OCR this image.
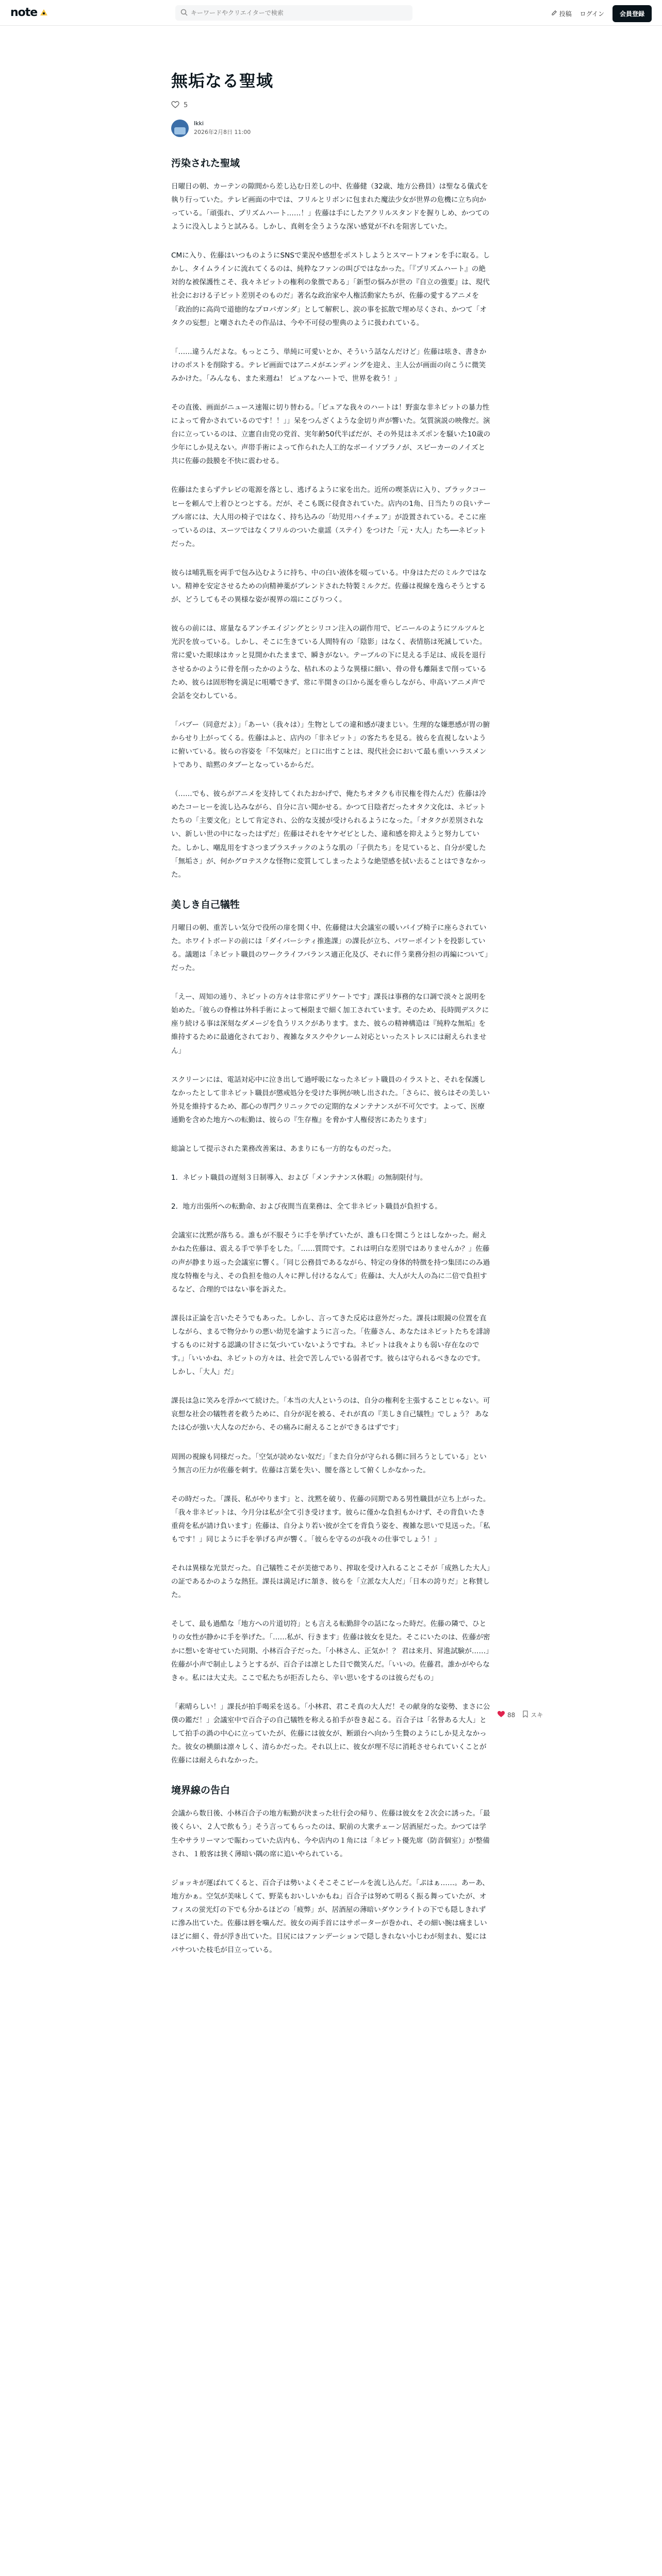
note
キーワードやクリエイターで検索	投稿 ログイン	会員登録
無垢なる聖域
5
Ikki
2026年2月8日 11:00
汚染された聖域

日曜日の朝、カーテンの隙間から差し込む日差しの中、佐藤健（32歳、地方公務員）は聖なる儀式を執り行っていた。テレビ画面の中では、フリルとリボンに包まれた魔法少女が世界の危機に立ち向かっている。「頑張れ、プリズムハート……！」佐藤は手にしたアクリルスタンドを握りしめ、かつてのように没入しようと試みる。しかし、真剣を全うような深い感覚が不れを阻害していた。

CMに入り、佐藤はいつものようにSNSで業況や感想をポストしようとスマートフォンを手に取る。しかし、タイムラインに流れてくるのは、純粋なファンの叫びではなかった。「『プリズムハート』の絶対的な被保護性こそ、我々ネピットの権利の象徴である」「新型の悩みが世の『自立の強要』は、現代社会における子ピット差別そのものだ」著名な政治家や人権活動家たちが、佐藤の愛するアニメを「政治的に高尚で道徳的なプロパガンダ」として解釈し、涙の事を拡散で埋め尽くされ、かつて「オタクの妄想」と嘲されたその作品は、今や不可侵の聖典のように扱われている。

「……違うんだよな。もっとこう、単純に可愛いとか、そういう話なんだけど」佐藤は呟き、書きかけのポストを削除する。テレビ画面ではアニメがエンディングを迎え、主人公が画面の向こうに微笑みかけた。「みんなも、また来週ね！ ピュアなハートで、世界を救う！」

その直後、画面がニュース速報に切り替わる。「ピュアな我々のハートは！野蛮な非ネピットの暴力性によって脅かされているのです！！」」呆をつんざくような金切り声が響いた。気質演説の映像だ。演台に立っているのは、立憲自由党の党首、実年齢50代半ばだが、その外見はネズポンを騒いた10歳の少年にしか見えない。声帯手術によって作られた人工的なボーイソプラノが、スピーカーのノイズと共に佐藤の鼓膜を不快に震わせる。

佐藤はたまらずテレビの電源を落とし、逃げるように家を出た。近所の喫茶店に入り、ブラックコーヒーを頼んで上着ひとつとする。だが、そこも既に侵食されていた。店内の1角、日当たりの良いテーブル席には、大人用の椅子ではなく、持ち込みの「幼児用ハイチェア」が設置されている。そこに座っているのは、スーツではなくフリルのついた童謡（ステイ）をつけた「元・大人」たち──ネピットだった。

彼らは哺乳瓶を両手で包み込むように持ち、中の白い液体を啜っている。中身はただのミルクではない。精神を安定させるための向精神薬がブレンドされた特製ミルクだ。佐藤は視線を逸らそうとするが、どうしてもその異様な姿が視界の端にこびりつく。

彼らの前には、席量なるアンチエイジングとシリコン注入の副作用で、ビニールのようにツルツルと光沢を放っている。しかし、そこに生きている人間特有の「陰影」はなく、表情筋は死滅していた。常に愛いた眼球はカッと見開かれたままで、瞬きがない。テーブルの下に見える手足は、成長を退行させるかのように骨を削ったかのような、枯れ木のような異様に細い、骨の骨も離隔まで削っているため、彼らは固形物を満足に咀嚼できず、常に半開きの口から涎を垂らしながら、申高いアニメ声で会話を交わしている。

「バブー（同意だよ）」「あーい（我々は）」生物としての違和感が凄まじい。生理的な嫌悪感が胃の腑からせり上がってくる。佐藤はふと、店内の「非ネピット」の客たちを見る。彼らを直視しないように俯いている。彼らの容姿を「不気味だ」と口に出すことは、現代社会において最も重いハラスメントであり、暗黙のタブーとなっているからだ。

（……でも、彼らがアニメを支持してくれたおかげで、俺たちオタクも市民権を得たんだ）佐藤は冷めたコーヒーを流し込みながら、自分に言い聞かせる。かつて日陰者だったオタク文化は、ネピットたちの「主要文化」として肯定され、公的な支援が受けられるようになった。「オタクが差別されない、新しい世の中になったはずだ」佐藤はそれをヤケゼピとした、違和感を抑えようと努力していた。しかし、嘲乱用をすさつまプラスチックのような肌の「子供たち」を見ていると、自分が愛した「無垢さ」が、何かグロテスクな怪物に変質してしまったような絶望感を拭い去ることはできなかった。

美しき自己犠牲

月曜日の朝、重苦しい気分で役所の扉を開く中、佐藤健は大会議室の暖いパイプ椅子に座らされていた。ホワイトボードの前には「ダイバーシティ推進課」の課長が立ち、パワーポイントを投影している。議題は「ネピット職員のワークライフバランス適正化及び、それに伴う業務分担の再編について」だった。

「えー、周知の通り、ネピットの方々は非常にデリケートです」課長は事務的な口調で淡々と説明を始めた。「彼らの脊椎は外科手術によって極限まで細く加工されています。そのため、長時間デスクに座り続ける事は深刻なダメージを負うリスクがあります。また、彼らの精神構造は『純粋な無垢』を維持するために最適化されており、複雑なタスクやクレーム対応といったストレスには耐えられません」

スクリーンには、電話対応中に泣き出して過呼吸になったネピット職員のイラストと、それを保護しなかったとして非ネピット職員が懲戒処分を受けた事例が映し出された。「さらに、彼らはその美しい外見を維持するため、都心の専門クリニックでの定期的なメンテナンスが不可欠です。よって、医療通勤を含めた地方への転勤は、彼らの『生存権』を脅かす人権侵害にあたります」

総論として提示された業務改善案は、あまりにも一方的なものだった。

1．ネピット職員の遅刻３日制導入、および「メンテナンス休暇」の無制限付与。

2．地方出張所への転勤命、および夜間当直業務は、全て非ネピット職員が負担する。

会議室に沈黙が落ちる。誰もが不服そうに手を挙げていたが、誰も口を開こうとはしなかった。耐えかねた佐藤は、震える手で挙手をした。「……質問です。これは明白な差別ではありませんか？」佐藤の声が静まり返った会議室に響く。「同じ公務員であるながら、特定の身体的特徴を持つ集団にのみ過度な特権を与え、その負担を他の人々に押し付けるなんて」佐藤は、大人が大人の為に二倍で負担するなど、合理的ではない事を訴えた。

課長は正論を言いたそうでもあった。しかし、言ってきた反応は意外だった。課長は眼鏡の位置を直しながら、まるで物分かりの悪い幼児を諭すように言った。「佐藤さん、あなたはネピットたちを誹謗するものに対する認識の甘さに気づいていないようですね。ネピットは我々よりも弱い存在なのです。」「いいかね、ネピットの方々は、社会で苦しんでいる弱者です。彼らは守られるべきなのです。しかし、「大人」だ」

課長は急に笑みを浮かべて続けた。「本当の大人というのは、自分の権利を主張することじゃない。可哀想な社会の犠牲者を救うために、自分が泥を被る、それが真の『美しき自己犠牲』でしょう？ あなたは心が強い大人なのだから、その痛みに耐えることができるはずです」

周囲の視線も同様だった。「空気が読めない奴だ」「また自分が守られる側に回ろうとしている」という無言の圧力が佐藤を刺す。佐藤は言葉を失い、腰を落として俯くしかなかった。

その時だった。「課長、私がやります」と、沈黙を破り、佐藤の同期である男性職員が立ち上がった。「我々非ネピットは、今月分は私が全て引き受けます。彼らに僅かな負担もかけず、その背負いたき重荷を私が請け負います」佐藤は、自分より若い彼が全てを背負う姿を、複雑な思いで見送った。「私もです！」同じように手を挙げる声が響く。「彼らを守るのが我々の仕事でしょう！」

それは異様な光景だった。自己犠牲こそが美徳であり、搾取を受け入れることこそが「成熟した大人」の証であるかのような熱狂。課長は満足げに頷き、彼らを「立派な大人だ」「日本の誇りだ」と称賛した。

そして、最も過酷な「地方への片道切符」とも言える転勤辞令の話になった時だ。佐藤の隣で、ひとりの女性が静かに手を挙げた。「……私が、行きます」佐藤は彼女を見た。そこにいたのは、佐藤が密かに想いを寄せていた同期、小林百合子だった。「小林さん、正気か！？ 君は来月、昇進試験が……」佐藤が小声で制止しようとするが、百合子は凛とした目で微笑んだ。「いいの。佐藤君。誰かがやらなきゃ。私には大丈夫。ここで私たちが拒否したら、辛い思いをするのは彼らだもの」

「素晴らしい！」課長が拍手喝采を送る。「小林君、君こそ真の大人だ！その献身的な姿勢、まさに公僕の鑑だ！」会議室中で百合子の自己犠牲を称える拍手が巻き起こる。百合子は「名誉ある大人」として拍手の渦の中心に立っていたが、佐藤には彼女が、断頭台へ向かう生贄のようにしか見えなかった。彼女の横顔は凛々しく、清らかだった。それ以上に、彼女が理不尽に消耗させられていくことが佐藤には耐えられなかった。

境界線の告白

会議から数日後、小林百合子の地方転勤が決まった壮行会の帰り、佐藤は彼女を２次会に誘った。「最後くらい、２人で飲もう」そう言ってもらったのは、駅前の大衆チェーン居酒屋だった。かつては学生やサラリーマンで賑わっていた店内も、今や店内の１角には「ネピット優先席（防音個室）」が整備され、１般客は狭く薄暗い隅の席に追いやられている。

ジョッキが運ばれてくると、百合子は勢いよくそこそこビールを流し込んだ。「ぷはぁ……。あーあ、地方かぁ。空気が美味しくて、野菜もおいしいかもね」百合子は努めて明るく振る舞っていたが、オフィスの蛍光灯の下でも分かるほどの「疲弊」が、居酒屋の薄暗いダウンライトの下でも隠しきれずに滲み出ていた。佐藤は唇を噛んだ。彼女の両手首にはサポーターが巻かれ、その細い腕は痛ましいほどに細く、骨が浮き出ていた。目尻にはファンデーションで隠しきれない小じわが刻まれ、髪にはパサついた枝毛が目立っている。

88	スキ
